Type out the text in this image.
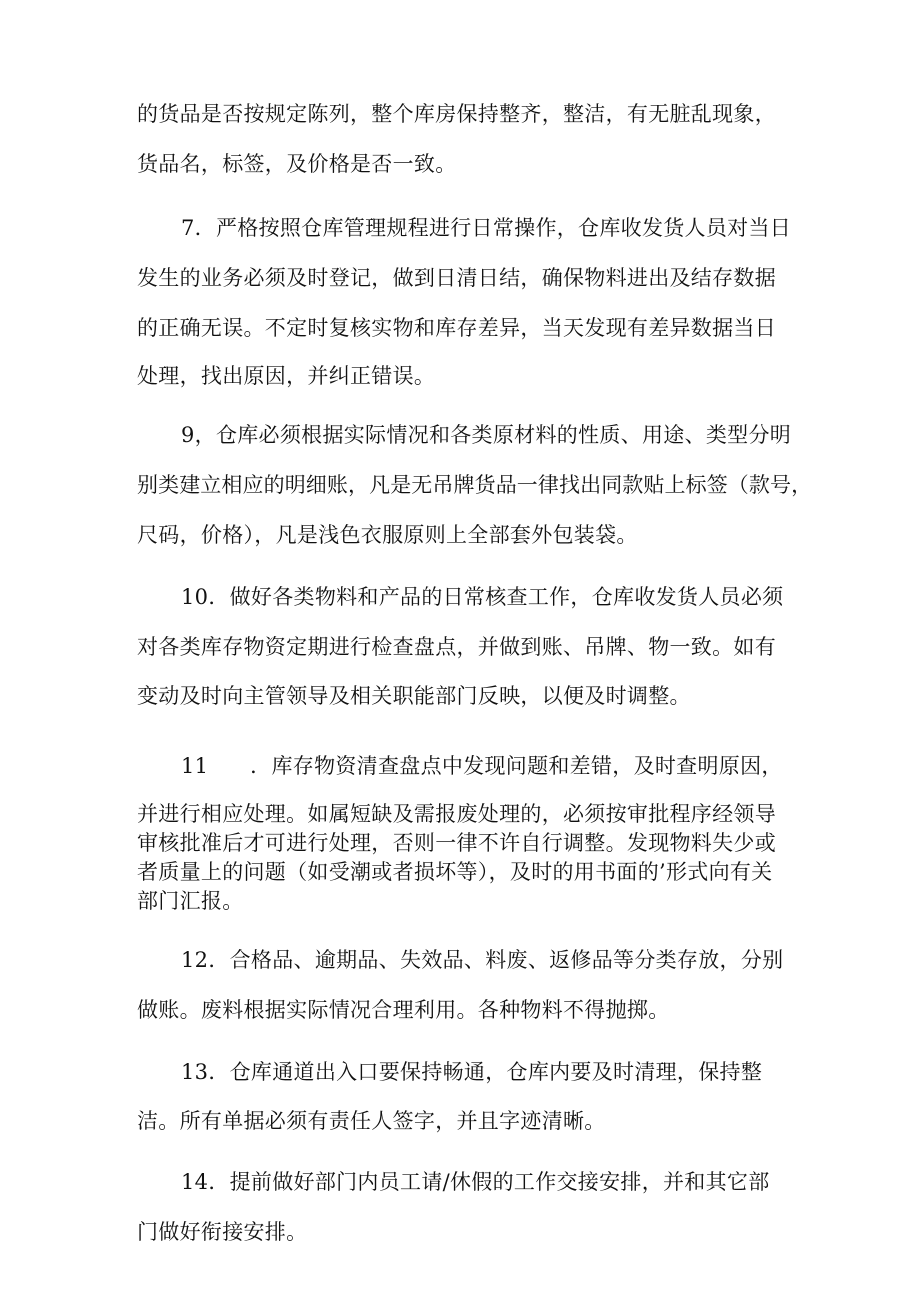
的货品是否按规定陈列，整个库房保持整齐，整洁，有无脏乱现象，
货品名，标签，及价格是否一致。
7．严格按照仓库管理规程进行日常操作，仓库收发货人员对当日
发生的业务必须及时登记，做到日清日结，确保物料进出及结存数据
的正确无误。不定时复核实物和库存差异，当天发现有差异数据当日
处理，找出原因，并纠正错误。
9，仓库必须根据实际情况和各类原材料的性质、用途、类型分明
别类建立相应的明细账，凡是无吊牌货品一律找出同款贴上标签（款号，
尺码，价格），凡是浅色衣服原则上全部套外包装袋。
10．做好各类物料和产品的日常核查工作，仓库收发货人员必须
对各类库存物资定期进行检查盘点，并做到账、吊牌、物一致。如有
变动及时向主管领导及相关职能部门反映，以便及时调整。
11      ．库存物资清查盘点中发现问题和差错，及时查明原因，
并进行相应处理。如属短缺及需报废处理的，必须按审批程序经领导
审核批准后才可进行处理，否则一律不许自行调整。发现物料失少或
者质量上的问题（如受潮或者损坏等），及时的用书面的’形式向有关
部门汇报。
12．合格品、逾期品、失效品、料废、返修品等分类存放，分别
做账。废料根据实际情况合理利用。各种物料不得抛掷。
13．仓库通道出入口要保持畅通，仓库内要及时清理，保持整
洁。所有单据必须有责任人签字，并且字迹清晰。
14．提前做好部门内员工请/休假的工作交接安排，并和其它部
门做好衔接安排。
